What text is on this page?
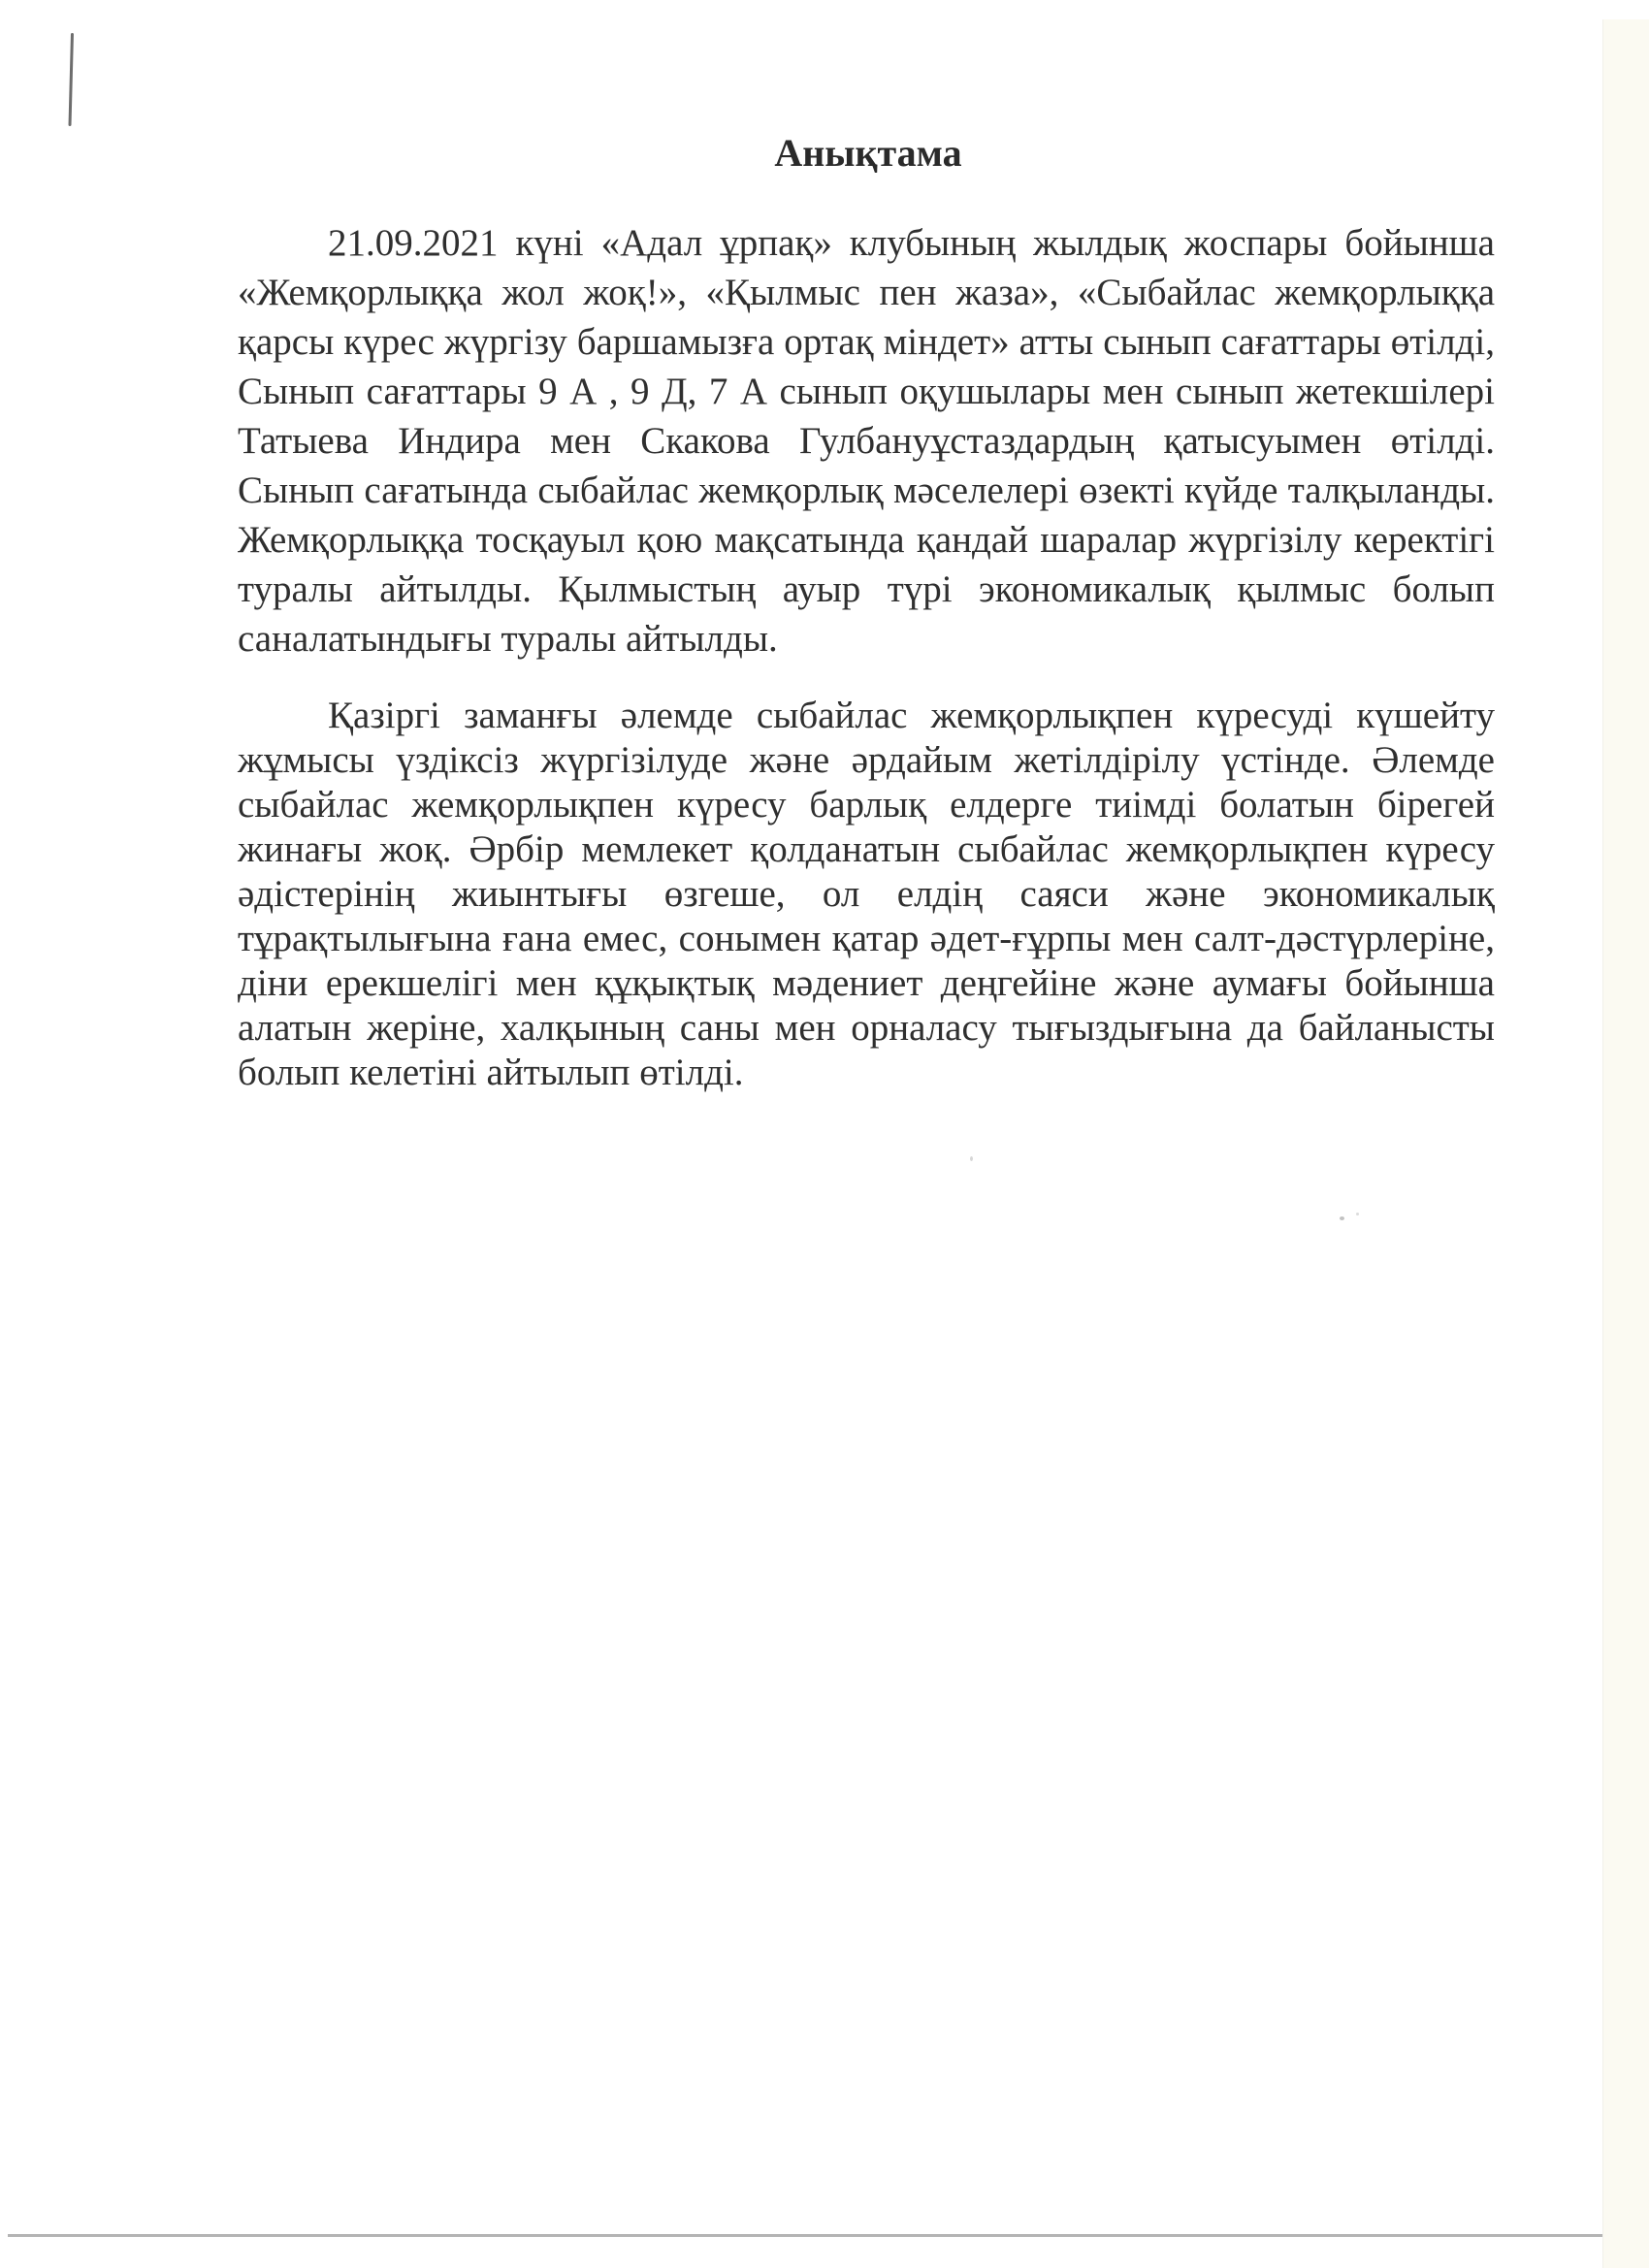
Анықтама

21.09.2021 күні «Адал ұрпақ» клубының жылдық жоспары бойынша «Жемқорлыққа жол жоқ!», «Қылмыс пен жаза», «Сыбайлас жемқорлыққа қарсы күрес жүргізу баршамызға ортақ міндет» атты сынып сағаттары өтілді, Сынып сағаттары 9 А , 9 Д, 7 А сынып оқушылары мен сынып жетекшілері Татыева Индира мен Скакова Гулбануұстаздардың қатысуымен өтілді. Сынып сағатында сыбайлас жемқорлық мәселелері өзекті күйде талқыланды. Жемқорлыққа тосқауыл қою мақсатында қандай шаралар жүргізілу керектігі туралы айтылды. Қылмыстың ауыр түрі экономикалық қылмыс болып саналатындығы туралы айтылды.

Қазіргі заманғы әлемде сыбайлас жемқорлықпен күресуді күшейту жұмысы үздіксіз жүргізілуде және әрдайым жетілдірілу үстінде. Әлемде сыбайлас жемқорлықпен күресу барлық елдерге тиімді болатын бірегей жинағы жоқ. Әрбір мемлекет қолданатын сыбайлас жемқорлықпен күресу әдістерінің жиынтығы өзгеше, ол елдің саяси және экономикалық тұрақтылығына ғана емес, сонымен қатар әдет-ғұрпы мен салт-дәстүрлеріне, діни ерекшелігі мен құқықтық мәдениет деңгейіне және аумағы бойынша алатын жеріне, халқының саны мен орналасу тығыздығына да байланысты болып келетіні айтылып өтілді.
